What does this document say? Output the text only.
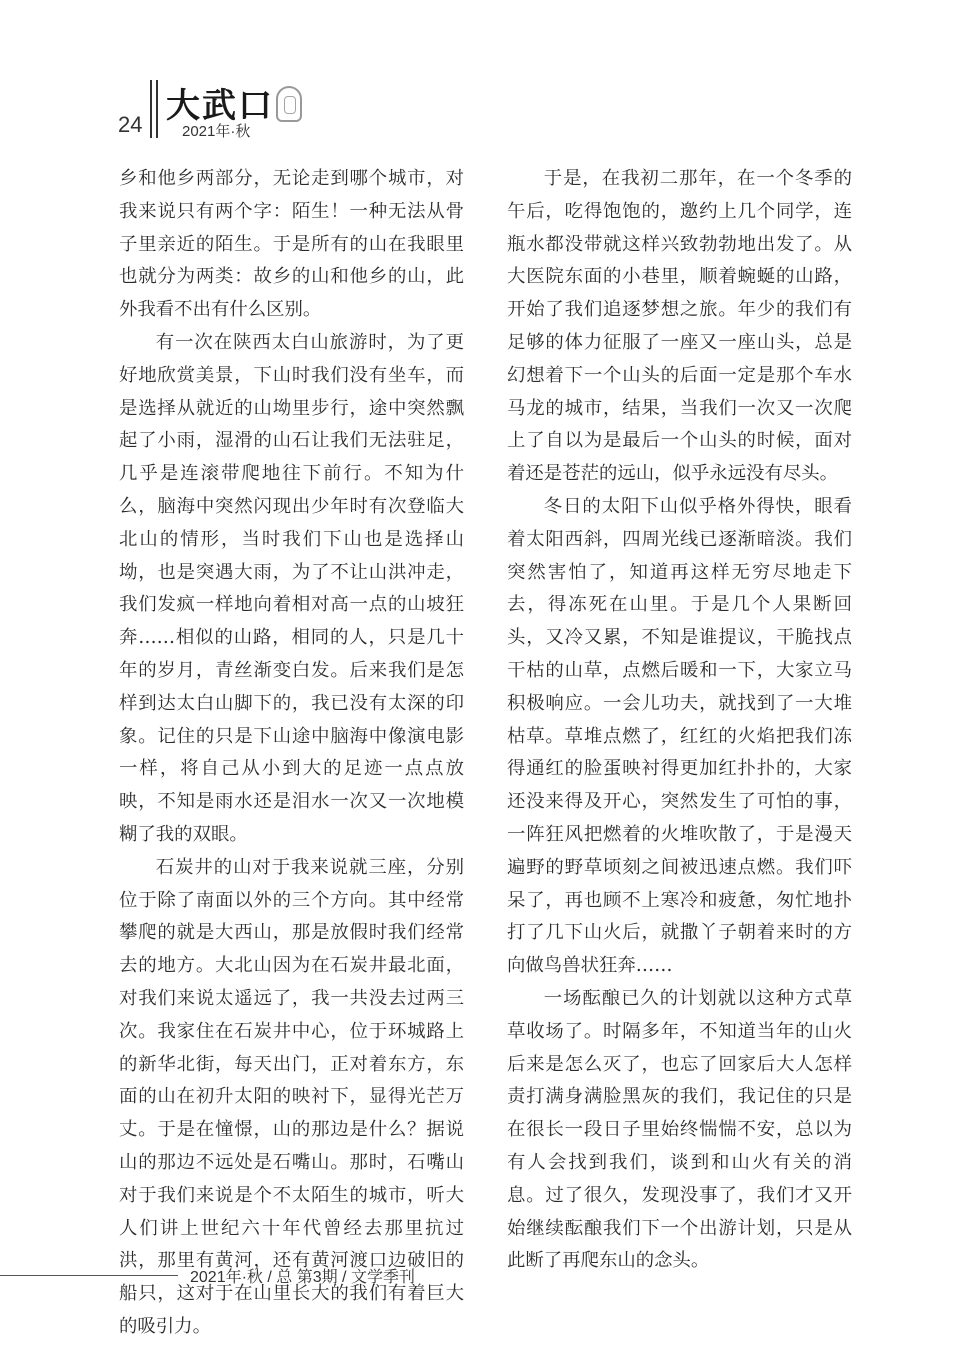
24 大武口
2021年·秋

乡和他乡两部分，无论走到哪个城市，对我来说只有两个字：陌生！一种无法从骨子里亲近的陌生。于是所有的山在我眼里也就分为两类：故乡的山和他乡的山，此外我看不出有什么区别。

有一次在陕西太白山旅游时，为了更好地欣赏美景，下山时我们没有坐车，而是选择从就近的山坳里步行，途中突然飘起了小雨，湿滑的山石让我们无法驻足，几乎是连滚带爬地往下前行。不知为什么，脑海中突然闪现出少年时有次登临大北山的情形，当时我们下山也是选择山坳，也是突遇大雨，为了不让山洪冲走，我们发疯一样地向着相对高一点的山坡狂奔……相似的山路，相同的人，只是几十年的岁月，青丝渐变白发。后来我们是怎样到达太白山脚下的，我已没有太深的印象。记住的只是下山途中脑海中像演电影一样，将自己从小到大的足迹一点点放映，不知是雨水还是泪水一次又一次地模糊了我的双眼。

石炭井的山对于我来说就三座，分别位于除了南面以外的三个方向。其中经常攀爬的就是大西山，那是放假时我们经常去的地方。大北山因为在石炭井最北面，对我们来说太遥远了，我一共没去过两三次。我家住在石炭井中心，位于环城路上的新华北街，每天出门，正对着东方，东面的山在初升太阳的映衬下，显得光芒万丈。于是在憧憬，山的那边是什么？据说山的那边不远处是石嘴山。那时，石嘴山对于我们来说是个不太陌生的城市，听大人们讲上世纪六十年代曾经去那里抗过洪，那里有黄河，还有黄河渡口边破旧的船只，这对于在山里长大的我们有着巨大的吸引力。

于是，在我初二那年，在一个冬季的午后，吃得饱饱的，邀约上几个同学，连瓶水都没带就这样兴致勃勃地出发了。从大医院东面的小巷里，顺着蜿蜒的山路，开始了我们追逐梦想之旅。年少的我们有足够的体力征服了一座又一座山头，总是幻想着下一个山头的后面一定是那个车水马龙的城市，结果，当我们一次又一次爬上了自以为是最后一个山头的时候，面对着还是苍茫的远山，似乎永远没有尽头。

冬日的太阳下山似乎格外得快，眼看着太阳西斜，四周光线已逐渐暗淡。我们突然害怕了，知道再这样无穷尽地走下去，得冻死在山里。于是几个人果断回头，又冷又累，不知是谁提议，干脆找点干枯的山草，点燃后暖和一下，大家立马积极响应。一会儿功夫，就找到了一大堆枯草。草堆点燃了，红红的火焰把我们冻得通红的脸蛋映衬得更加红扑扑的，大家还没来得及开心，突然发生了可怕的事，一阵狂风把燃着的火堆吹散了，于是漫天遍野的野草顷刻之间被迅速点燃。我们吓呆了，再也顾不上寒冷和疲惫，匆忙地扑打了几下山火后，就撒丫子朝着来时的方向做鸟兽状狂奔……

一场酝酿已久的计划就以这种方式草草收场了。时隔多年，不知道当年的山火后来是怎么灭了，也忘了回家后大人怎样责打满身满脸黑灰的我们，我记住的只是在很长一段日子里始终惴惴不安，总以为有人会找到我们，谈到和山火有关的消息。过了很久，发现没事了，我们才又开始继续酝酿我们下一个出游计划，只是从此断了再爬东山的念头。

2021年·秋 / 总 第3期 / 文学季刊
